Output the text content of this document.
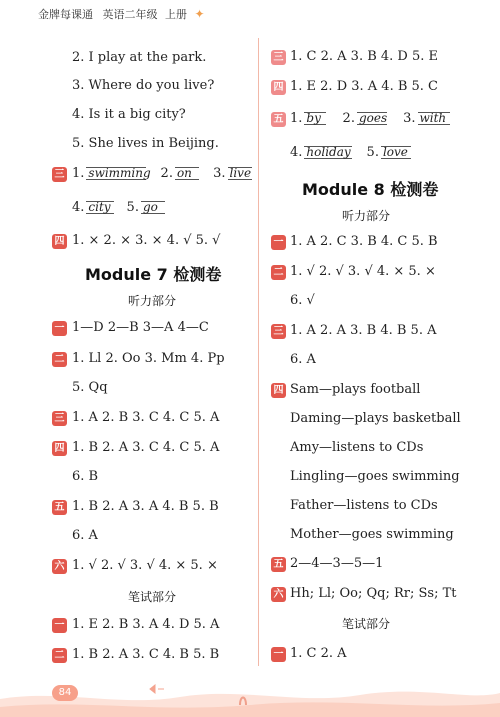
金牌每课通 英语二年级 上册 ✦
2. I play at the park.
3. Where do you live?
4. Is it a big city?
5. She lives in Beijing.
三 1. swimming 2. on 3. live
4. city 5. go
四 1. × 2. × 3. × 4. √ 5. √
Module 7 检测卷
听力部分
一 1—D 2—B 3—A 4—C
二 1. Ll 2. Oo 3. Mm 4. Pp
5. Qq
三 1. A 2. B 3. C 4. C 5. A
四 1. B 2. A 3. C 4. C 5. A
6. B
五 1. B 2. A 3. A 4. B 5. B
6. A
六 1. √ 2. √ 3. √ 4. × 5. ×
笔试部分
一 1. E 2. B 3. A 4. D 5. A
二 1. B 2. A 3. C 4. B 5. B
三 1. C 2. A 3. B 4. D 5. E
四 1. E 2. D 3. A 4. B 5. C
五 1. by 2. goes 3. with
4. holiday 5. love
Module 8 检测卷
听力部分
一 1. A 2. C 3. B 4. C 5. B
二 1. √ 2. √ 3. √ 4. × 5. ×
6. √
三 1. A 2. A 3. B 4. B 5. A
6. A
四 Sam—plays football
Daming—plays basketball
Amy—listens to CDs
Lingling—goes swimming
Father—listens to CDs
Mother—goes swimming
五 2—4—3—5—1
六 Hh; Ll; Oo; Qq; Rr; Ss; Tt
笔试部分
一 1. C 2. A
84
